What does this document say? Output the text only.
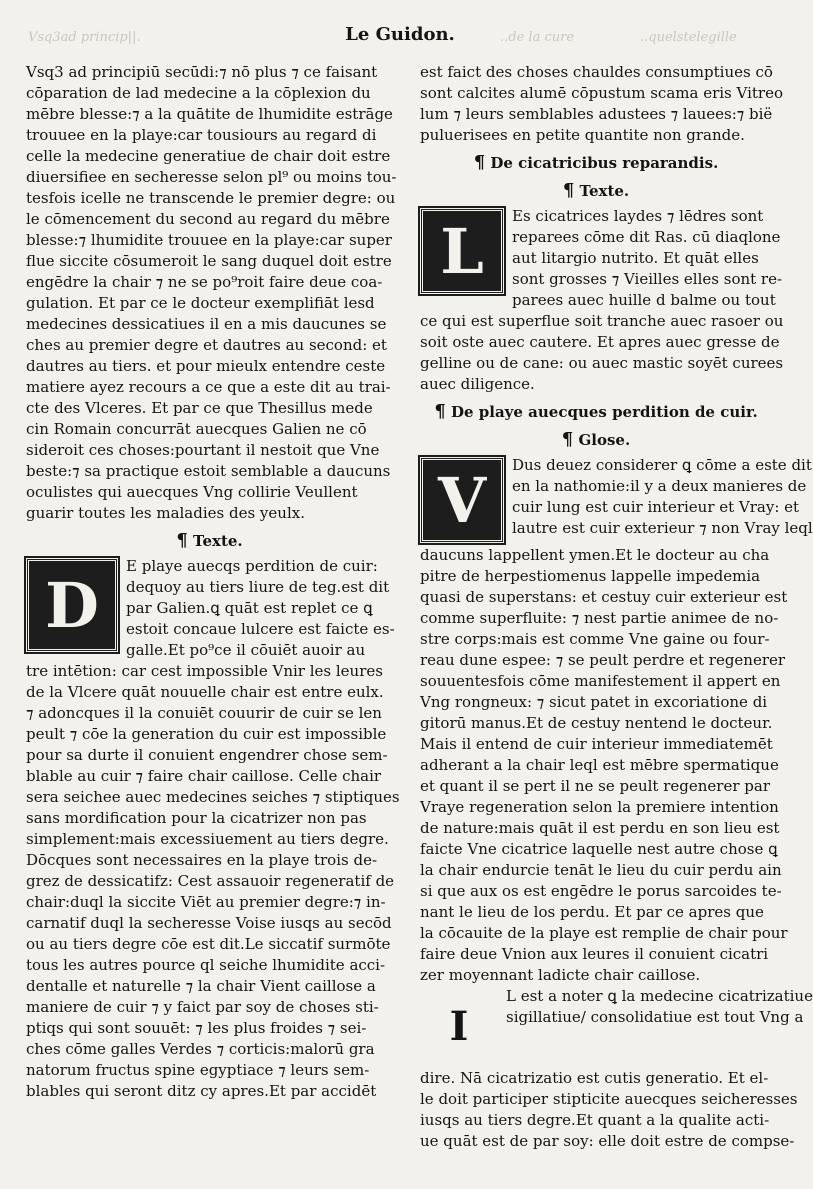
Vsq3ad princip||.	..de la cure	..quelstelegille
Le Guidon.
Vsq3 ad principiū secūdi:⁊ nō plus ⁊ ce faisant
cōparation de lad medecine a la cōplexion du
mēbre blesse:⁊ a la quātite de lhumidite estrāge
trouuee en la playe:car tousiours au regard di
celle la medecine generatiue de chair doit estre
diuersifiee en secheresse selon pl⁹ ou moins tou-
tesfois icelle ne transcende le premier degre: ou
le cōmencement du second au regard du mēbre
blesse:⁊ lhumidite trouuee en la playe:car super
flue siccite cōsumeroit le sang duquel doit estre
engēdre la chair ⁊ ne se po⁹roit faire deue coa-
gulation. Et par ce le docteur exemplifiāt lesd
medecines dessicatiues il en a mis daucunes se
ches au premier degre et dautres au second: et
dautres au tiers. et pour mieulx entendre ceste
matiere ayez recours a ce que a este dit au trai-
cte des Vlceres. Et par ce que Thesillus mede
cin Romain concurrāt auecques Galien ne cō
sideroit ces choses:pourtant il nestoit que Vne
beste:⁊ sa practique estoit semblable a daucuns
oculistes qui auecques Vng collirie Veullent
guarir toutes les maladies des yeulx.
¶ Texte.
D
E playe auecqs perdition de cuir:
dequoy au tiers liure de teg.est dit
par Galien.ꝗ quāt est replet ce ꝗ
estoit concaue lulcere est faicte es-
galle.Et po⁹ce il cōuiēt auoir au
tre intētion: car cest impossible Vnir les leures
de la Vlcere quāt nouuelle chair est entre eulx.
⁊ adoncques il la conuiēt couurir de cuir se len
peult ⁊ cōe la generation du cuir est impossible
pour sa durte il conuient engendrer chose sem-
blable au cuir ⁊ faire chair caillose. Celle chair
sera seichee auec medecines seiches ⁊ stiptiques
sans mordification pour la cicatrizer non pas
simplement:mais excessiuement au tiers degre.
Dōcques sont necessaires en la playe trois de-
grez de dessicatifz: Cest assauoir regeneratif de
chair:duql la siccite Viēt au premier degre:⁊ in-
carnatif duql la secheresse Voise iusqs au secōd
ou au tiers degre cōe est dit.Le siccatif surmōte
tous les autres pource ql seiche lhumidite acci-
dentalle et naturelle ⁊ la chair Vient caillose a
maniere de cuir ⁊ y faict par soy de choses sti-
ptiqs qui sont souuēt: ⁊ les plus froides ⁊ sei-
ches cōme galles Verdes ⁊ corticis:malorū gra
natorum fructus spine egyptiace ⁊ leurs sem-
blables qui seront ditz cy apres.Et par accidēt
est faict des choses chauldes consumptiues cō
sont calcites alumē cōpustum scama eris Vitreo
lum ⁊ leurs semblables adustees ⁊ lauees:⁊ bië
puluerisees en petite quantite non grande.
¶ De cicatricibus reparandis.
¶ Texte.
L	Es cicatrices laydes ⁊ lēdres sont
reparees cōme dit Ras. cū diaqlone
aut litargio nutrito. Et quāt elles
sont grosses ⁊ Vieilles elles sont re-
parees auec huille d balme ou tout
ce qui est superflue soit tranche auec rasoer ou
soit oste auec cautere. Et apres auec gresse de
gelline ou de cane: ou auec mastic soyēt curees
auec diligence.
¶ De playe auecques perdition de cuir.
¶ Glose.
V	Dus deuez considerer ꝗ cōme a este dit
en la nathomie:il y a deux manieres de
cuir lung est cuir interieur et Vray: et
lautre est cuir exterieur ⁊ non Vray leql
daucuns lappellent ymen.Et le docteur au cha
pitre de herpestiomenus lappelle impedemia
quasi de superstans: et cestuy cuir exterieur est
comme superfluite: ⁊ nest partie animee de no-
stre corps:mais est comme Vne gaine ou four-
reau dune espee: ⁊ se peult perdre et regenerer
souuentesfois cōme manifestement il appert en
Vng rongneux: ⁊ sicut patet in excoriatione di
gitorū manus.Et de cestuy nentend le docteur.
Mais il entend de cuir interieur immediatemēt
adherant a la chair leql est mēbre spermatique
et quant il se pert il ne se peult regenerer par
Vraye regeneration selon la premiere intention
de nature:mais quāt il est perdu en son lieu est
faicte Vne cicatrice laquelle nest autre chose ꝗ
la chair endurcie tenāt le lieu du cuir perdu ain
si que aux os est engēdre le porus sarcoides te-
nant le lieu de los perdu. Et par ce apres que
la cōcauite de la playe est remplie de chair pour
faire deue Vnion aux leures il conuient cicatri
zer moyennant ladicte chair caillose.
I
L est a noter ꝗ la medecine cicatrizatiue
sigillatiue/ consolidatiue est tout Vng a
dire. Nā cicatrizatio est cutis generatio. Et el-
le doit participer stipticite auecques seicheresses
iusqs au tiers degre.Et quant a la qualite acti-
ue quāt est de par soy: elle doit estre de compse-
